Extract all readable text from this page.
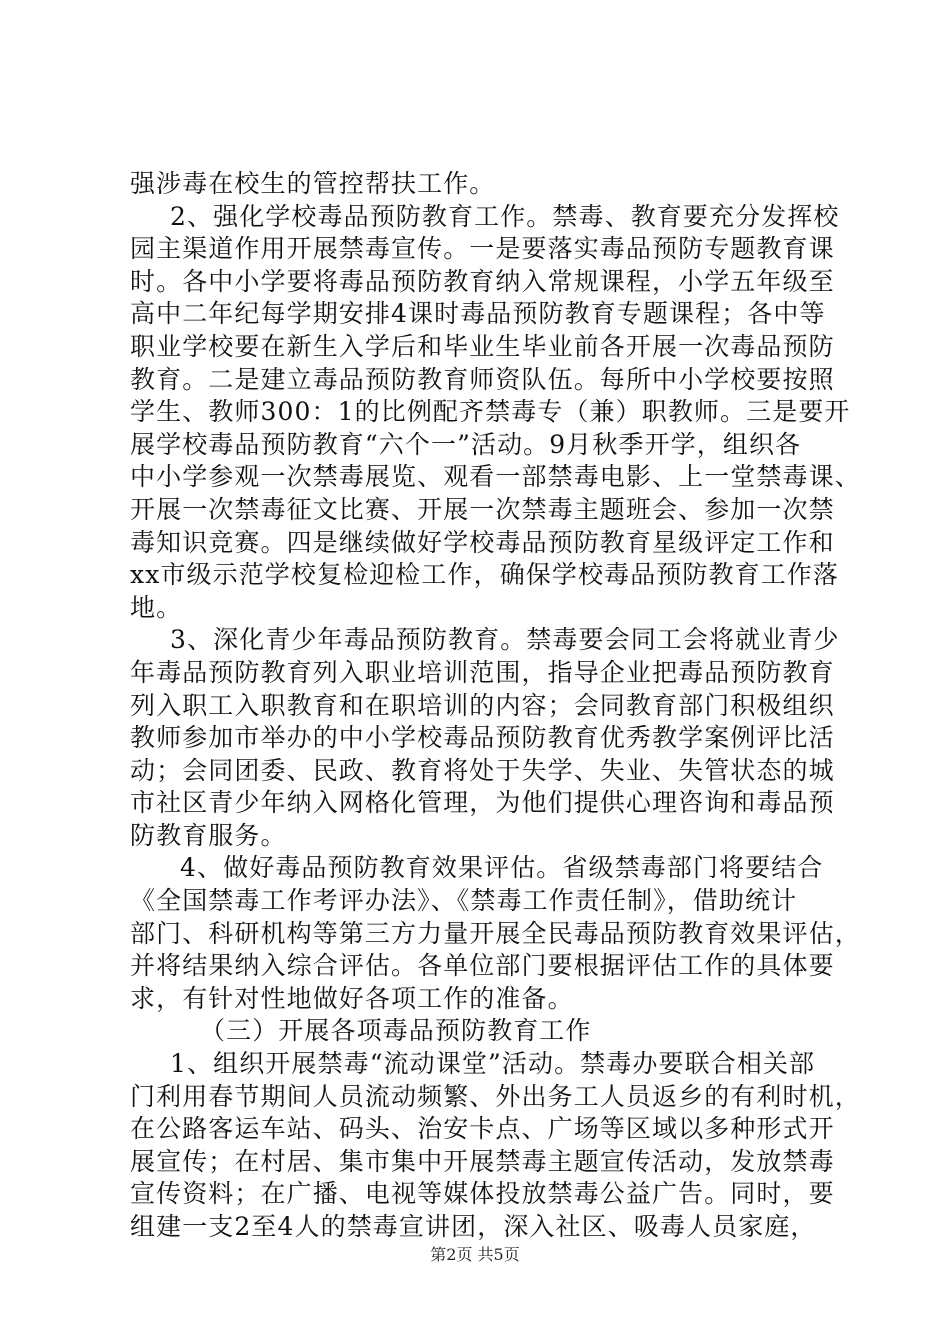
强涉毒在校生的管控帮扶工作。
2、强化学校毒品预防教育工作。禁毒、教育要充分发挥校
园主渠道作用开展禁毒宣传。一是要落实毒品预防专题教育课
时。各中小学要将毒品预防教育纳入常规课程，小学五年级至
高中二年纪每学期安排4课时毒品预防教育专题课程；各中等
职业学校要在新生入学后和毕业生毕业前各开展一次毒品预防
教育。二是建立毒品预防教育师资队伍。每所中小学校要按照
学生、教师300：1的比例配齐禁毒专（兼）职教师。三是要开
展学校毒品预防教育“六个一”活动。9月秋季开学，组织各
中小学参观一次禁毒展览、观看一部禁毒电影、上一堂禁毒课、
开展一次禁毒征文比赛、开展一次禁毒主题班会、参加一次禁
毒知识竞赛。四是继续做好学校毒品预防教育星级评定工作和
xx市级示范学校复检迎检工作，确保学校毒品预防教育工作落
地。
3、深化青少年毒品预防教育。禁毒要会同工会将就业青少
年毒品预防教育列入职业培训范围，指导企业把毒品预防教育
列入职工入职教育和在职培训的内容；会同教育部门积极组织
教师参加市举办的中小学校毒品预防教育优秀教学案例评比活
动；会同团委、民政、教育将处于失学、失业、失管状态的城
市社区青少年纳入网格化管理，为他们提供心理咨询和毒品预
防教育服务。
4、做好毒品预防教育效果评估。省级禁毒部门将要结合
《全国禁毒工作考评办法》、《禁毒工作责任制》，借助统计
部门、科研机构等第三方力量开展全民毒品预防教育效果评估，
并将结果纳入综合评估。各单位部门要根据评估工作的具体要
求，有针对性地做好各项工作的准备。
（三）开展各项毒品预防教育工作
1、组织开展禁毒“流动课堂”活动。禁毒办要联合相关部
门利用春节期间人员流动频繁、外出务工人员返乡的有利时机，
在公路客运车站、码头、治安卡点、广场等区域以多种形式开
展宣传；在村居、集市集中开展禁毒主题宣传活动，发放禁毒
宣传资料；在广播、电视等媒体投放禁毒公益广告。同时，要
组建一支2至4人的禁毒宣讲团，深入社区、吸毒人员家庭，
第2页 共5页
